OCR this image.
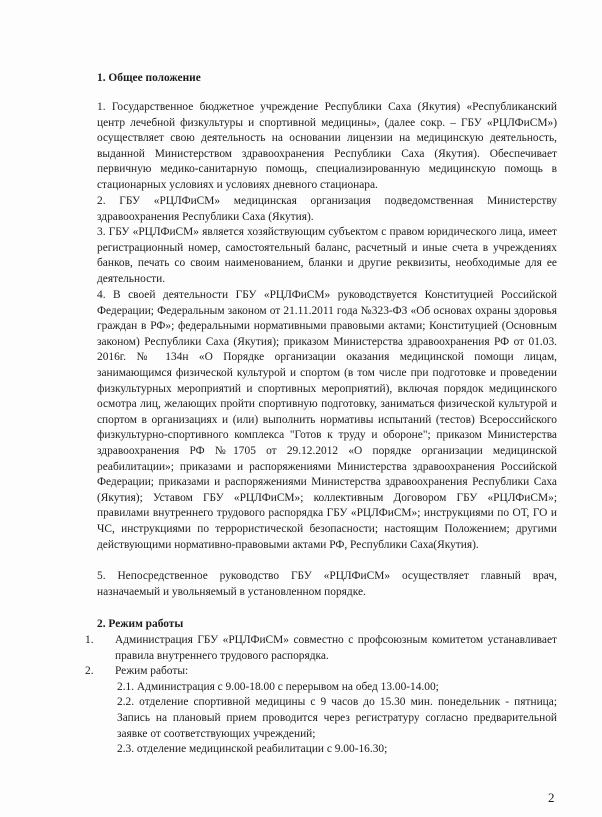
1. Общее положение
1. Государственное бюджетное учреждение Республики Саха (Якутия) «Республиканский центр лечебной физкультуры и спортивной медицины», (далее сокр. – ГБУ «РЦЛФиСМ») осуществляет свою деятельность на основании лицензии на медицинскую деятельность, выданной Министерством здравоохранения Республики Саха (Якутия). Обеспечивает первичную медико-санитарную помощь, специализированную медицинскую помощь в стационарных условиях и условиях дневного стационара.
2. ГБУ «РЦЛФиСМ» медицинская организация подведомственная Министерству здравоохранения Республики Саха (Якутия).
3. ГБУ «РЦЛФиСМ» является хозяйствующим субъектом с правом юридического лица, имеет регистрационный номер, самостоятельный баланс, расчетный и иные счета в учреждениях банков, печать со своим наименованием, бланки и другие реквизиты, необходимые для ее деятельности.
4. В своей деятельности ГБУ «РЦЛФиСМ» руководствуется Конституцией Российской Федерации; Федеральным законом от 21.11.2011 года №323-ФЗ «Об основах охраны здоровья граждан в РФ»; федеральными нормативными правовыми актами; Конституцией (Основным законом) Республики Саха (Якутия); приказом Министерства здравоохранения РФ от 01.03. 2016г. № 134н «О Порядке организации оказания медицинской помощи лицам, занимающимся физической культурой и спортом (в том числе при подготовке и проведении физкультурных мероприятий и спортивных мероприятий), включая порядок медицинского осмотра лиц, желающих пройти спортивную подготовку, заниматься физической культурой и спортом в организациях и (или) выполнить нормативы испытаний (тестов) Всероссийского физкультурно-спортивного комплекса "Готов к труду и обороне"; приказом Министерства здравоохранения РФ №1705 от 29.12.2012 «О порядке организации медицинской реабилитации»; приказами и распоряжениями Министерства здравоохранения Российской Федерации; приказами и распоряжениями Министерства здравоохранения Республики Саха (Якутия); Уставом ГБУ «РЦЛФиСМ»; коллективным Договором ГБУ «РЦЛФиСМ»; правилами внутреннего трудового распорядка ГБУ «РЦЛФиСМ»; инструкциями по ОТ, ГО и ЧС, инструкциями по террористической безопасности; настоящим Положением; другими действующими нормативно-правовыми актами РФ, Республики Саха(Якутия).
5. Непосредственное руководство ГБУ «РЦЛФиСМ» осуществляет главный врач, назначаемый и увольняемый в установленном порядке.
2. Режим работы
1.	Администрация ГБУ «РЦЛФиСМ» совместно с профсоюзным комитетом устанавливает правила внутреннего трудового распорядка.
2.	Режим работы:
2.1. Администрация с 9.00-18.00 с перерывом на обед 13.00-14.00;
2.2. отделение спортивной медицины с 9 часов до 15.30 мин. понедельник - пятница; Запись на плановый прием проводится через регистратуру согласно предварительной заявке от соответствующих учреждений;
2.3. отделение медицинской реабилитации с 9.00-16.30;
2
